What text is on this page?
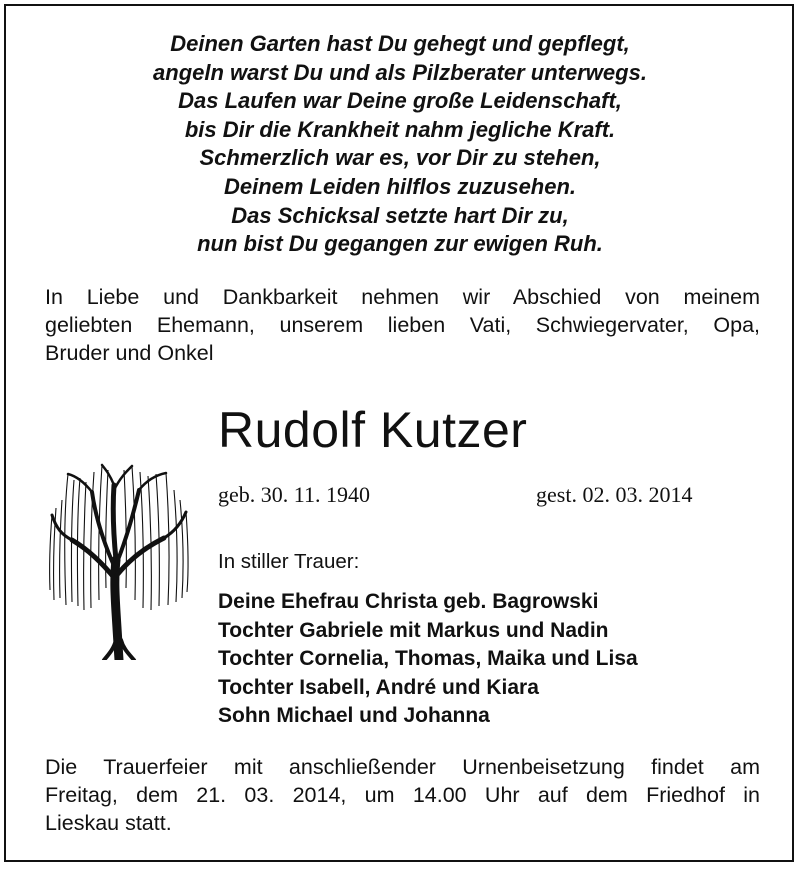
Deinen Garten hast Du gehegt und gepflegt,
angeln warst Du und als Pilzberater unterwegs.
Das Laufen war Deine große Leidenschaft,
bis Dir die Krankheit nahm jegliche Kraft.
Schmerzlich war es, vor Dir zu stehen,
Deinem Leiden hilflos zuzusehen.
Das Schicksal setzte hart Dir zu,
nun bist Du gegangen zur ewigen Ruh.
In Liebe und Dankbarkeit nehmen wir Abschied von meinem
geliebten Ehemann, unserem lieben Vati, Schwiegervater, Opa,
Bruder und Onkel
Rudolf Kutzer
geb. 30. 11. 1940	gest. 02. 03. 2014
In stiller Trauer:
Deine Ehefrau Christa geb. Bagrowski
Tochter Gabriele mit Markus und Nadin
Tochter Cornelia, Thomas, Maika und Lisa
Tochter Isabell, André und Kiara
Sohn Michael und Johanna
Die Trauerfeier mit anschließender Urnenbeisetzung findet am
Freitag, dem 21. 03. 2014, um 14.00 Uhr auf dem Friedhof in
Lieskau statt.
